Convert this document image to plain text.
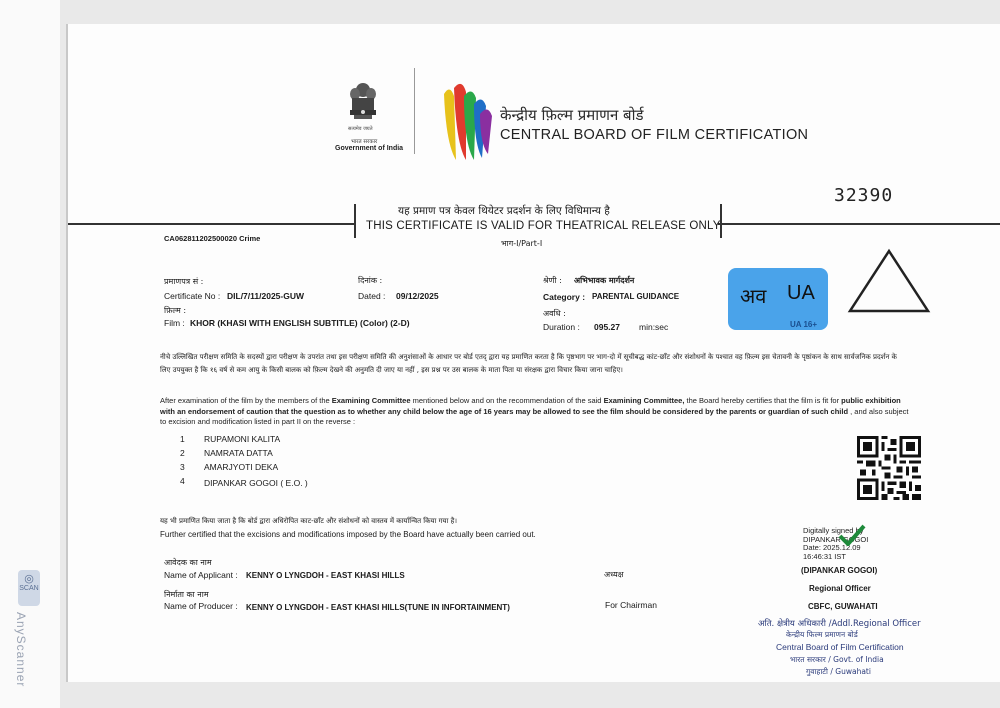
◎
SCAN
AnyScanner
सत्यमेव जयते
भारत सरकार
Government of India
केन्द्रीय फ़िल्म प्रमाणन बोर्ड
CENTRAL BOARD OF FILM CERTIFICATION
32390
यह प्रमाण पत्र केवल थियेटर प्रदर्शन के लिए विधिमान्य है
THIS CERTIFICATE IS VALID FOR THEATRICAL RELEASE ONLY
भाग-I/Part-I
CA062811202500020 Crime
प्रमाणपत्र सं :
Certificate No : DIL/7/11/2025-GUW
दिनांक :
Dated : 09/12/2025
श्रेणी : अभिभावक मार्गदर्शन
Category : PARENTAL GUIDANCE
फ़िल्म :
Film : KHOR (KHASI WITH ENGLISH SUBTITLE) (Color) (2-D)
अवधि :
Duration : 095.27 min:sec
अव UA
UA 16+
नीचे उल्लिखित परीक्षण समिति के सदस्यों द्वारा परीक्षण के उपरांत तथा इस परीक्षण समिति की अनुशंसाओं के आधार पर बोर्ड एतद् द्वारा यह प्रमाणित करता है कि पृष्ठभाग पर भाग-दो में सूचीबद्ध कांट-छाँट और संशोधनों के पश्चात वह फ़िल्म इस चेतावनी के पृष्ठांकन के साथ सार्वजनिक प्रदर्शन के लिए उपयुक्त है कि १६ वर्ष से कम आयु के किसी बालक को फ़िल्म देखने की अनुमति दी जाए या नहीं , इस प्रश्न पर उस बालक के माता पिता या संरक्षक द्वारा विचार किया जाना चाहिए।
After examination of the film by the members of the Examining Committee mentioned below and on the recommendation of the said Examining Committee, the Board hereby certifies that the film is fit for public exhibition with an endorsement of caution that the question as to whether any child below the age of 16 years may be allowed to see the film should be considered by the parents or guardian of such child , and also subject to excision and modification listed in part II on the reverse :
1 RUPAMONI KALITA
2 NAMRATA DATTA
3 AMARJYOTI DEKA
4 DIPANKAR GOGOI ( E.O. )
यह भी प्रमाणित किया जाता है कि बोर्ड द्वारा अधिरोपित काट-छाँट और संशोधनों को वास्तव में कार्यान्वित किया गया है।
Further certified that the excisions and modifications imposed by the Board have actually been carried out.
आवेदक का नाम
Name of Applicant : KENNY O LYNGDOH - EAST KHASI HILLS	अध्यक्ष
निर्माता का नाम
Name of Producer : KENNY O LYNGDOH - EAST KHASI HILLS(TUNE IN INFORTAINMENT)	For Chairman
Digitally signed by
DIPANKAR GOGOI
Date: 2025.12.09
16:46:31 IST
(DIPANKAR GOGOI)
Regional Officer
CBFC, GUWAHATI
अति. क्षेत्रीय अधिकारी /Addl.Regional Officer
केन्द्रीय फिल्म प्रमाणन बोर्ड
Central Board of Film Certification
भारत सरकार / Govt. of India
गुवाहाटी / Guwahati
